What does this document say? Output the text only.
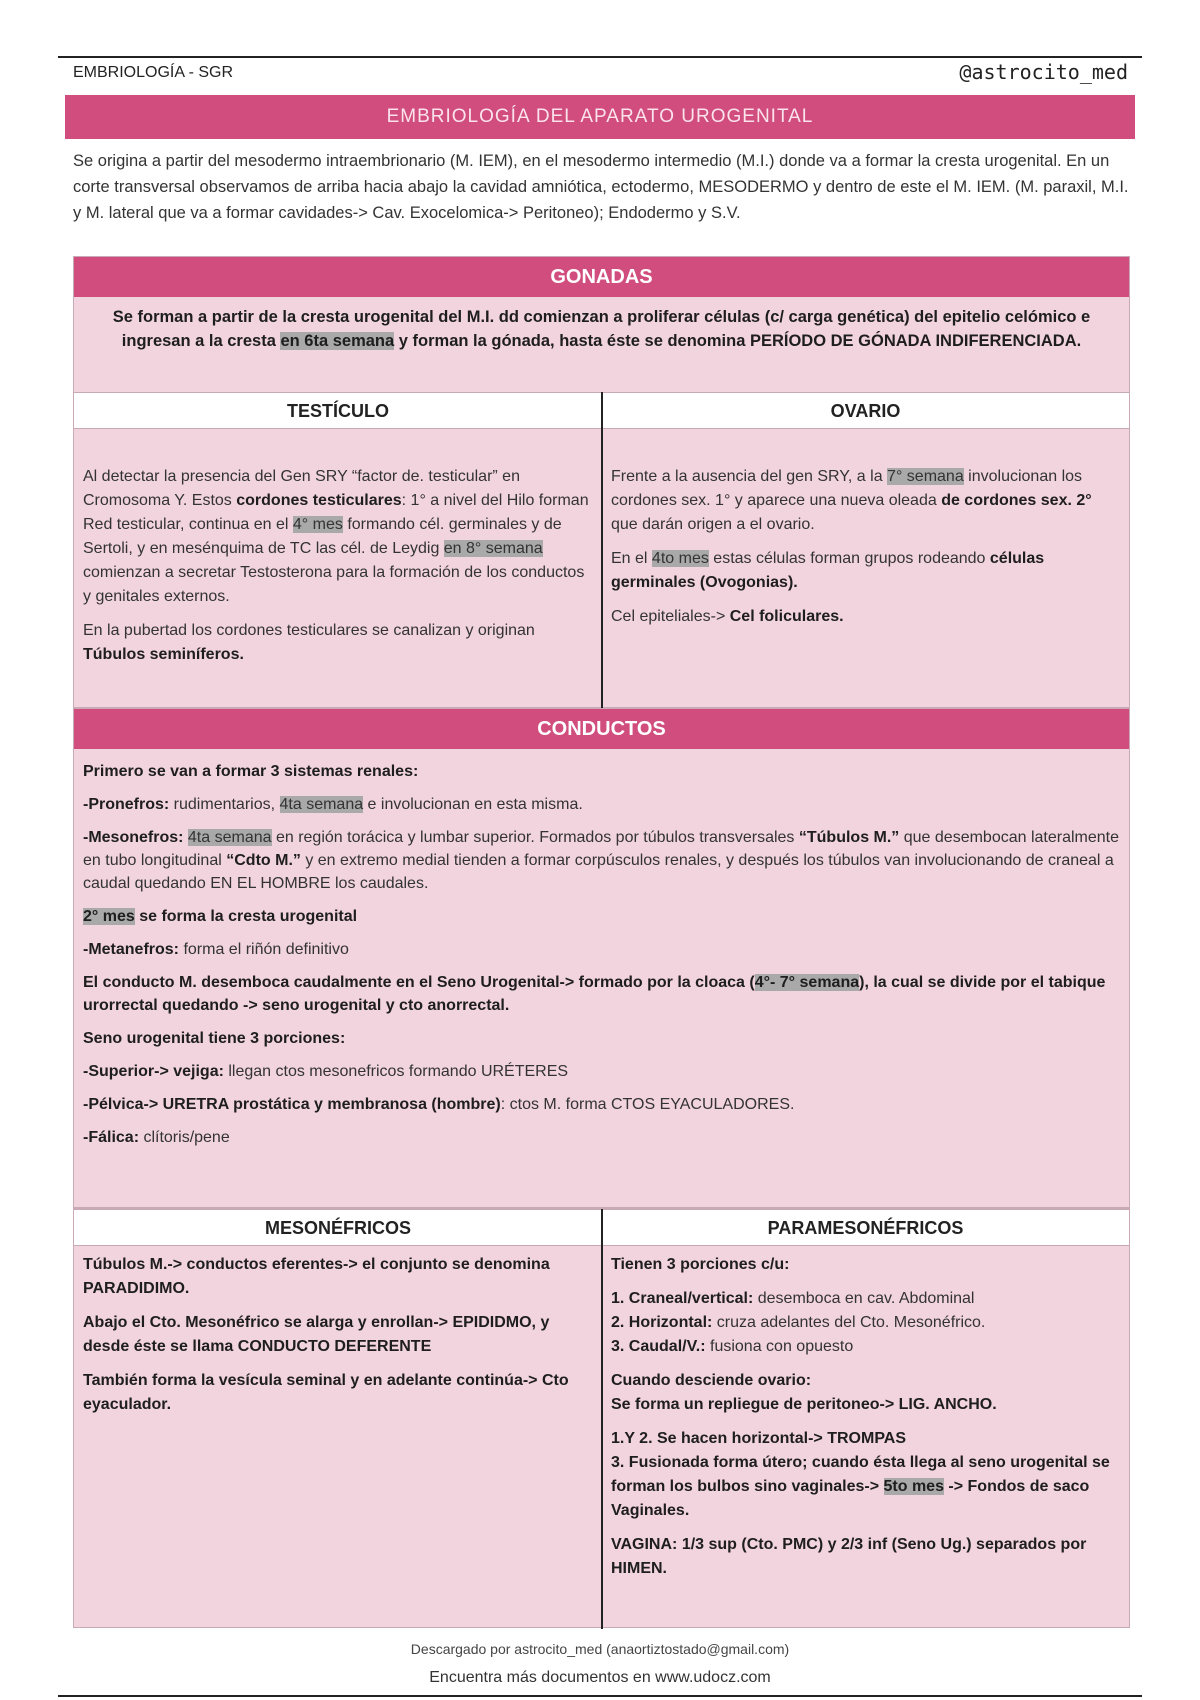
EMBRIOLOGÍA - SGR	@astrocito_med
EMBRIOLOGÍA DEL APARATO UROGENITAL
Se origina a partir del mesodermo intraembrionario (M. IEM), en el mesodermo intermedio (M.I.) donde va a formar la cresta urogenital. En un corte transversal observamos de arriba hacia abajo la cavidad amniótica, ectodermo, MESODERMO y dentro de este el M. IEM. (M. paraxil, M.I. y M. lateral que va a formar cavidades-> Cav. Exocelomica-> Peritoneo); Endodermo y S.V.
GONADAS
Se forman a partir de la cresta urogenital del M.I. dd comienzan a proliferar células (c/ carga genética) del epitelio celómico e ingresan a la cresta en 6ta semana y forman la gónada, hasta éste se denomina PERÍODO DE GÓNADA INDIFERENCIADA.
TESTÍCULO	OVARIO

Al detectar la presencia del Gen SRY “factor de. testicular” en Cromosoma Y. Estos cordones testiculares: 1° a nivel del Hilo forman Red testicular, continua en el 4° mes formando cél. germinales y de Sertoli, y en mesénquima de TC las cél. de Leydig en 8° semana comienzan a secretar Testosterona para la formación de los conductos y genitales externos.

En la pubertad los cordones testiculares se canalizan y originan Túbulos seminíferos.

Frente a la ausencia del gen SRY, a la 7° semana involucionan los cordones sex. 1° y aparece una nueva oleada de cordones sex. 2° que darán origen a el ovario.

En el 4to mes estas células forman grupos rodeando células germinales (Ovogonias).

Cel epiteliales-> Cel foliculares.

CONDUCTOS

Primero se van a formar 3 sistemas renales:

-Pronefros: rudimentarios, 4ta semana e involucionan en esta misma.

-Mesonefros: 4ta semana en región torácica y lumbar superior. Formados por túbulos transversales “Túbulos M.” que desembocan lateralmente en tubo longitudinal “Cdto M.” y en extremo medial tienden a formar corpúsculos renales, y después los túbulos van involucionando de craneal a caudal quedando EN EL HOMBRE los caudales.

2° mes se forma la cresta urogenital

-Metanefros: forma el riñón definitivo

El conducto M. desemboca caudalmente en el Seno Urogenital-> formado por la cloaca (4°- 7° semana), la cual se divide por el tabique urorrectal quedando -> seno urogenital y cto anorrectal.

Seno urogenital tiene 3 porciones:

-Superior-> vejiga: llegan ctos mesonefricos formando URÉTERES

-Pélvica-> URETRA prostática y membranosa (hombre): ctos M. forma CTOS EYACULADORES.

-Fálica: clítoris/pene

MESONÉFRICOS	PARAMESONÉFRICOS

Túbulos M.-> conductos eferentes-> el conjunto se denomina PARADIDIMO.

Abajo el Cto. Mesonéfrico se alarga y enrollan-> EPIDIDMO, y desde éste se llama CONDUCTO DEFERENTE

También forma la vesícula seminal y en adelante continúa-> Cto eyaculador.

Tienen 3 porciones c/u:

1. Craneal/vertical: desemboca en cav. Abdominal
2. Horizontal: cruza adelantes del Cto. Mesonéfrico.
3. Caudal/V.: fusiona con opuesto

Cuando desciende ovario:
Se forma un repliegue de peritoneo-> LIG. ANCHO.

1.Y 2. Se hacen horizontal-> TROMPAS
3. Fusionada forma útero; cuando ésta llega al seno urogenital se forman los bulbos sino vaginales-> 5to mes -> Fondos de saco Vaginales.

VAGINA: 1/3 sup (Cto. PMC) y 2/3 inf (Seno Ug.) separados por HIMEN.

Descargado por astrocito_med (anaortiztostado@gmail.com)
Encuentra más documentos en www.udocz.com
